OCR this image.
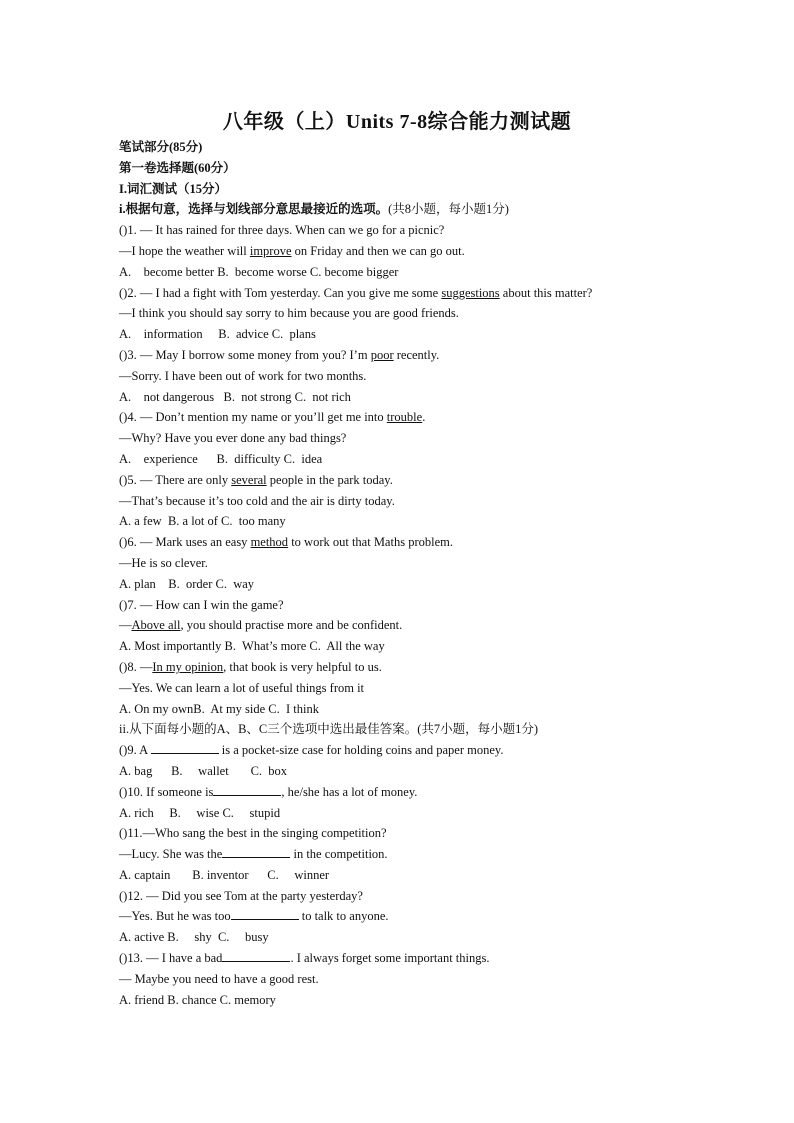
八年级（上）Units 7-8综合能力测试题
笔试部分(85分)
第一卷选择题(60分）
I.词汇测试（15分）
i.根据句意，选择与划线部分意思最接近的选项。(共8小题，每小题1分)
()1. — It has rained for three days. When can we go for a picnic?
—I hope the weather will improve on Friday and then we can go out.
A.    become better B.  become worse C. become bigger
()2. — I had a fight with Tom yesterday. Can you give me some suggestions about this matter?
—I think you should say sorry to him because you are good friends.
A.    information     B.  advice C.  plans
()3. — May I borrow some money from you? I’m poor recently.
—Sorry. I have been out of work for two months.
A.    not dangerous   B.  not strong C.  not rich
()4. — Don’t mention my name or you’ll get me into trouble.
—Why? Have you ever done any bad things?
A.    experience      B.  difficulty C.  idea
()5. — There are only several people in the park today.
—That’s because it’s too cold and the air is dirty today.
A. a few  B. a lot of C.  too many
()6. — Mark uses an easy method to work out that Maths problem.
—He is so clever.
A. plan    B.  order C.  way
()7. — How can I win the game?
—Above all, you should practise more and be confident.
A. Most importantly B.  What’s more C.  All the way
()8. —In my opinion, that book is very helpful to us.
—Yes. We can learn a lot of useful things from it
A. On my ownB.  At my side C.  I think
ii.从下面每小题的A、B、C三个选项中选出最佳答案。(共7小题，每小题1分)
()9. A	is a pocket-size case for holding coins and paper money.
A. bag      B.     wallet       C.  box
()10. If someone is	, he/she has a lot of money.
A. rich     B.     wise C.     stupid
()11.—Who sang the best in the singing competition?
—Lucy. She was the	in the competition.
A. captain       B. inventor      C.     winner
()12. — Did you see Tom at the party yesterday?
—Yes. But he was too	to talk to anyone.
A. active B.     shy  C.     busy
()13. — I have a bad	. I always forget some important things.
— Maybe you need to have a good rest.
A. friend B. chance C. memory
